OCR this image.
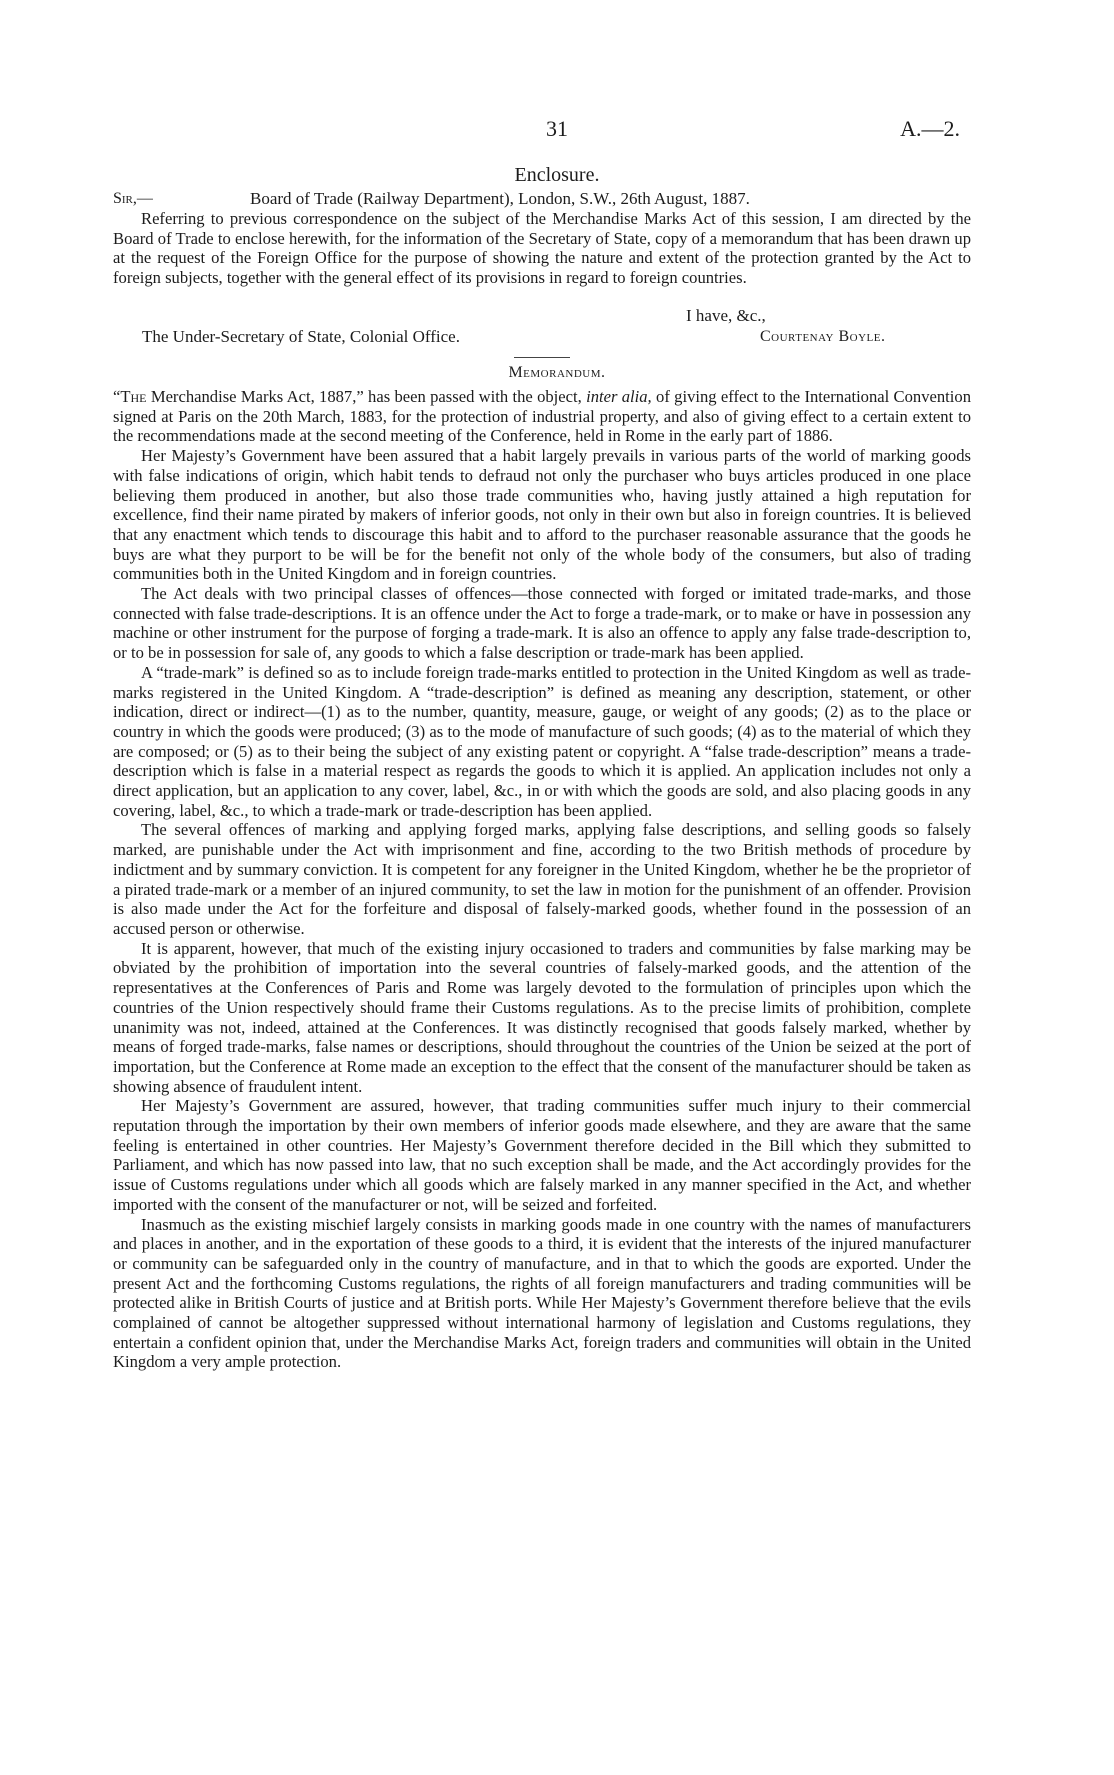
31	A.—2.
Enclosure.
Sir,—	Board of Trade (Railway Department), London, S.W., 26th August, 1887.

Referring to previous correspondence on the subject of the Merchandise Marks Act of this session, I am directed by the Board of Trade to enclose herewith, for the information of the Secretary of State, copy of a memorandum that has been drawn up at the request of the Foreign Office for the purpose of showing the nature and extent of the protection granted by the Act to foreign subjects, together with the general effect of its provisions in regard to foreign countries.

I have, &c.,
The Under-Secretary of State, Colonial Office.	Courtenay Boyle.
Memorandum.

“The Merchandise Marks Act, 1887,” has been passed with the object, inter alia, of giving effect to the International Convention signed at Paris on the 20th March, 1883, for the protection of industrial property, and also of giving effect to a certain extent to the recommendations made at the second meeting of the Conference, held in Rome in the early part of 1886.

Her Majesty’s Government have been assured that a habit largely prevails in various parts of the world of marking goods with false indications of origin, which habit tends to defraud not only the purchaser who buys articles produced in one place believing them produced in another, but also those trade communities who, having justly attained a high reputation for excellence, find their name pirated by makers of inferior goods, not only in their own but also in foreign countries. It is believed that any enactment which tends to discourage this habit and to afford to the purchaser reasonable assurance that the goods he buys are what they purport to be will be for the benefit not only of the whole body of the consumers, but also of trading communities both in the United Kingdom and in foreign countries.

The Act deals with two principal classes of offences—those connected with forged or imitated trade-marks, and those connected with false trade-descriptions. It is an offence under the Act to forge a trade-mark, or to make or have in possession any machine or other instrument for the purpose of forging a trade-mark. It is also an offence to apply any false trade-description to, or to be in possession for sale of, any goods to which a false description or trade-mark has been applied.

A “trade-mark” is defined so as to include foreign trade-marks entitled to protection in the United Kingdom as well as trade-marks registered in the United Kingdom. A “trade-description” is defined as meaning any description, statement, or other indication, direct or indirect—(1) as to the number, quantity, measure, gauge, or weight of any goods; (2) as to the place or country in which the goods were produced; (3) as to the mode of manufacture of such goods; (4) as to the material of which they are composed; or (5) as to their being the subject of any existing patent or copyright. A “false trade-description” means a trade-description which is false in a material respect as regards the goods to which it is applied. An application includes not only a direct application, but an application to any cover, label, &c., in or with which the goods are sold, and also placing goods in any covering, label, &c., to which a trade-mark or trade-description has been applied.

The several offences of marking and applying forged marks, applying false descriptions, and selling goods so falsely marked, are punishable under the Act with imprisonment and fine, according to the two British methods of procedure by indictment and by summary conviction. It is competent for any foreigner in the United Kingdom, whether he be the proprietor of a pirated trade-mark or a member of an injured community, to set the law in motion for the punishment of an offender. Provision is also made under the Act for the forfeiture and disposal of falsely-marked goods, whether found in the possession of an accused person or otherwise.

It is apparent, however, that much of the existing injury occasioned to traders and communities by false marking may be obviated by the prohibition of importation into the several countries of falsely-marked goods, and the attention of the representatives at the Conferences of Paris and Rome was largely devoted to the formulation of principles upon which the countries of the Union respectively should frame their Customs regulations. As to the precise limits of prohibition, complete unanimity was not, indeed, attained at the Conferences. It was distinctly recognised that goods falsely marked, whether by means of forged trade-marks, false names or descriptions, should throughout the countries of the Union be seized at the port of importation, but the Conference at Rome made an exception to the effect that the consent of the manufacturer should be taken as showing absence of fraudulent intent.

Her Majesty’s Government are assured, however, that trading communities suffer much injury to their commercial reputation through the importation by their own members of inferior goods made elsewhere, and they are aware that the same feeling is entertained in other countries. Her Majesty’s Government therefore decided in the Bill which they submitted to Parliament, and which has now passed into law, that no such exception shall be made, and the Act accordingly provides for the issue of Customs regulations under which all goods which are falsely marked in any manner specified in the Act, and whether imported with the consent of the manufacturer or not, will be seized and forfeited.

Inasmuch as the existing mischief largely consists in marking goods made in one country with the names of manufacturers and places in another, and in the exportation of these goods to a third, it is evident that the interests of the injured manufacturer or community can be safeguarded only in the country of manufacture, and in that to which the goods are exported. Under the present Act and the forthcoming Customs regulations, the rights of all foreign manufacturers and trading communities will be protected alike in British Courts of justice and at British ports. While Her Majesty’s Government therefore believe that the evils complained of cannot be altogether suppressed without international harmony of legislation and Customs regulations, they entertain a confident opinion that, under the Merchandise Marks Act, foreign traders and communities will obtain in the United Kingdom a very ample protection.
